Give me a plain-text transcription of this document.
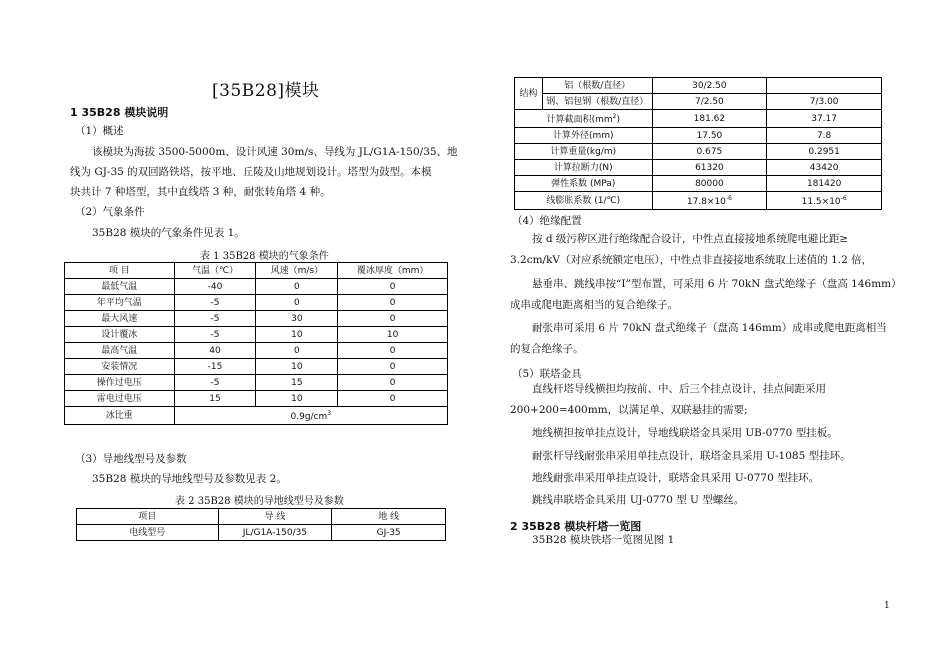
[35B28]模块
1 35B28 模块说明
（1）概述
该模块为海拔 3500-5000m、设计风速 30m/s、导线为 JL/G1A-150/35、地
线为 GJ-35 的双回路铁塔，按平地、丘陵及山地规划设计。塔型为鼓型。本模
块共计 7 种塔型，其中直线塔 3 种，耐张转角塔 4 种。
（2）气象条件
35B28 模块的气象条件见表 1。
表 1 35B28 模块的气象条件
项 目	气温（℃）	风速（m/s）	覆冰厚度（mm）
最低气温	-40	0	0
年平均气温	-5	0	0
最大风速	-5	30	0
设计覆冰	-5	10	10
最高气温	40	0	0
安装情况	-15	10	0
操作过电压	-5	15	0
雷电过电压	15	10	0
冰比重	$0.9g/cm^3$
（3）导地线型号及参数
35B28 模块的导地线型号及参数见表 2。
表 2 35B28 模块的导地线型号及参数
项目	导 线	地 线
电线型号	JL/G1A-150/35	GJ-35
结构	铝（根数/直径）	30/2.50	
	钢、铝包钢（根数/直径）	7/2.50	7/3.00
计算截面积$(mm^2)$		181.62	37.17
计算外径(mm)		17.50	7.8
计算重量(kg/m)		0.675	0.2951
计算拉断力(N)		61320	43420
弹性系数 (MPa)		80000	181420
线膨胀系数 (1/℃)		$17.8\times 10^{-6}$	$11.5\times 10^{-6}$
（4）绝缘配置
按 d 级污秽区进行绝缘配合设计，中性点直接接地系统爬电避比距≥
3.2cm/kV（对应系统额定电压），中性点非直接接地系统取上述值的 1.2 倍，
悬垂串、跳线串按“I”型布置，可采用 6 片 70kN 盘式绝缘子（盘高 146mm）
成串或爬电距离相当的复合绝缘子。
耐张串可采用 6 片 70kN 盘式绝缘子（盘高 146mm）成串或爬电距离相当
的复合绝缘子。
（5）联塔金具
直线杆塔导线横担均按前、中、后三个挂点设计，挂点间距采用
200+200=400mm，以满足单、双联悬挂的需要;
地线横担按单挂点设计，导地线联塔金具采用 UB-0770 型挂板。
耐张杆导线耐张串采用单挂点设计，联塔金具采用 U-1085 型挂环。
地线耐张串采用单挂点设计，联塔金具采用 U-0770 型挂环。
跳线串联塔金具采用 UJ-0770 型 U 型螺丝。
2 35B28 模块杆塔一览图
35B28 模块铁塔一览图见图 1
1
